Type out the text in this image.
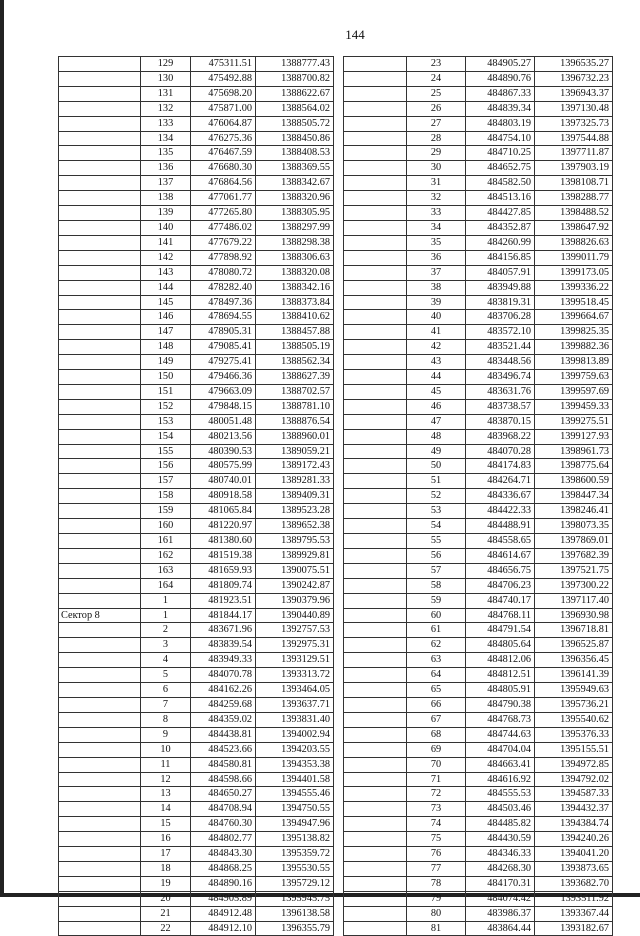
144
	129	475311.51	1388777.43
	130	475492.88	1388700.82
	131	475698.20	1388622.67
	132	475871.00	1388564.02
	133	476064.87	1388505.72
	134	476275.36	1388450.86
	135	476467.59	1388408.53
	136	476680.30	1388369.55
	137	476864.56	1388342.67
	138	477061.77	1388320.96
	139	477265.80	1388305.95
	140	477486.02	1388297.99
	141	477679.22	1388298.38
	142	477898.92	1388306.63
	143	478080.72	1388320.08
	144	478282.40	1388342.16
	145	478497.36	1388373.84
	146	478694.55	1388410.62
	147	478905.31	1388457.88
	148	479085.41	1388505.19
	149	479275.41	1388562.34
	150	479466.36	1388627.39
	151	479663.09	1388702.57
	152	479848.15	1388781.10
	153	480051.48	1388876.54
	154	480213.56	1388960.01
	155	480390.53	1389059.21
	156	480575.99	1389172.43
	157	480740.01	1389281.33
	158	480918.58	1389409.31
	159	481065.84	1389523.28
	160	481220.97	1389652.38
	161	481380.60	1389795.53
	162	481519.38	1389929.81
	163	481659.93	1390075.51
	164	481809.74	1390242.87
	1	481923.51	1390379.96
Сектор 8	1	481844.17	1390440.89
	2	483671.96	1392757.53
	3	483839.54	1392975.31
	4	483949.33	1393129.51
	5	484070.78	1393313.72
	6	484162.26	1393464.05
	7	484259.68	1393637.71
	8	484359.02	1393831.40
	9	484438.81	1394002.94
	10	484523.66	1394203.55
	11	484580.81	1394353.38
	12	484598.66	1394401.58
	13	484650.27	1394555.46
	14	484708.94	1394750.55
	15	484760.30	1394947.96
	16	484802.77	1395138.82
	17	484843.30	1395359.72
	18	484868.25	1395530.55
	19	484890.16	1395729.12
	20	484905.89	1395945.75
	21	484912.48	1396138.58
	22	484912.10	1396355.79
	23	484905.27	1396535.27
	24	484890.76	1396732.23
	25	484867.33	1396943.37
	26	484839.34	1397130.48
	27	484803.19	1397325.73
	28	484754.10	1397544.88
	29	484710.25	1397711.87
	30	484652.75	1397903.19
	31	484582.50	1398108.71
	32	484513.16	1398288.77
	33	484427.85	1398488.52
	34	484352.87	1398647.92
	35	484260.99	1398826.63
	36	484156.85	1399011.79
	37	484057.91	1399173.05
	38	483949.88	1399336.22
	39	483819.31	1399518.45
	40	483706.28	1399664.67
	41	483572.10	1399825.35
	42	483521.44	1399882.36
	43	483448.56	1399813.89
	44	483496.74	1399759.63
	45	483631.76	1399597.69
	46	483738.57	1399459.33
	47	483870.15	1399275.51
	48	483968.22	1399127.93
	49	484070.28	1398961.73
	50	484174.83	1398775.64
	51	484264.71	1398600.59
	52	484336.67	1398447.34
	53	484422.33	1398246.41
	54	484488.91	1398073.35
	55	484558.65	1397869.01
	56	484614.67	1397682.39
	57	484656.75	1397521.75
	58	484706.23	1397300.22
	59	484740.17	1397117.40
	60	484768.11	1396930.98
	61	484791.54	1396718.81
	62	484805.64	1396525.87
	63	484812.06	1396356.45
	64	484812.51	1396141.39
	65	484805.91	1395949.63
	66	484790.38	1395736.21
	67	484768.73	1395540.62
	68	484744.63	1395376.33
	69	484704.04	1395155.51
	70	484663.41	1394972.85
	71	484616.92	1394792.02
	72	484555.53	1394587.33
	73	484503.46	1394432.37
	74	484485.82	1394384.74
	75	484430.59	1394240.26
	76	484346.33	1394041.20
	77	484268.30	1393873.65
	78	484170.31	1393682.70
	79	484074.42	1393511.92
	80	483986.37	1393367.44
	81	483864.44	1393182.67
